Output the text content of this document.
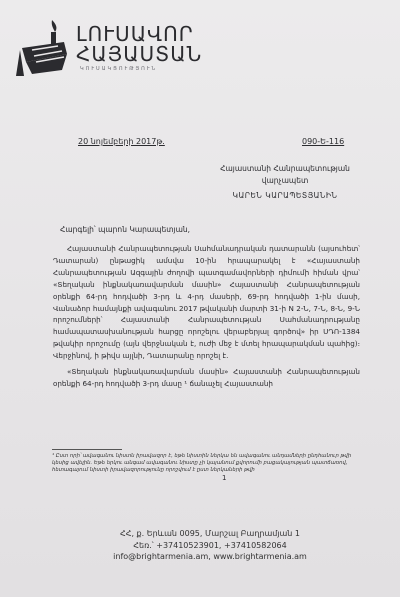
ԼՈՒՍԱՎՈՐ
ՀԱՅԱՍՏԱՆ
ԿՈՒՍԱԿՑՈՒԹՅՈՒՆ
20 նոյեմբերի 2017թ.	090-Ե-116
Հայաստանի Հանրապետության
վարչապետ
ԿԱՐԵՆ ԿԱՐԱՊԵՏՅԱՆԻՆ
Հարգելի՝ պարոն Կարապետյան,

Հայաստանի Հանրապետության Սահմանադրական դատարանն (այսուհետ՝ Դատարան) ընթացիկ ամսվա 10-ին հրապարակել է «Հայաստանի Հանրապետության Ազգային ժողովի պատգամավորների դիմումի հիման վրա՝ «Տեղական ինքնակառավարման մասին» Հայաստանի Հանրապետության օրենքի 64-րդ հոդվածի 3-րդ և 4-րդ մասերի, 69-րդ հոդվածի 1-ին մասի, Վանաձոր համայնքի ավագանու 2017 թվականի մարտի 31-ի N 2-Ն, 7-Ն, 8-Ն, 9-Ն որոշումների՝ Հայաստանի Հանրապետության Սահմանադրությանը համապատասխանության հարցը որոշելու վերաբերյալ գործով» իր ՍԴՈ-1384 թվակիր որոշումը (այն վերջնական է, ուժի մեջ է մտել հրապարակման պահից)։ Վերջինով, ի թիվս այլնի, Դատարանը որոշել է.

«Տեղական ինքնակառավարման մասին» Հայաստանի Հանրապետության օրենքի 64-րդ հոդվածի 3-րդ մասը ¹ ճանաչել Հայաստանի

¹ Ըստ որի՝ ավագանու նիստն իրավազոր է, եթե նիստին ներկա են ավագանու անդամների ընդհանուր թվի կեսից ավելին. Եթե երկու անգամ ավագանու նիստը չի կայանում քվորումի բացակայության պատճառով, հետագայում նիստի իրավազորությունը որոշվում է ըստ ներկաների թվի
1
ՀՀ, ք. Երևան 0095, Մարշալ Բաղրամյան 1
Հեռ.՝ +37410523901, +37410582064
info@brightarmenia.am, www.brightarmenia.am
